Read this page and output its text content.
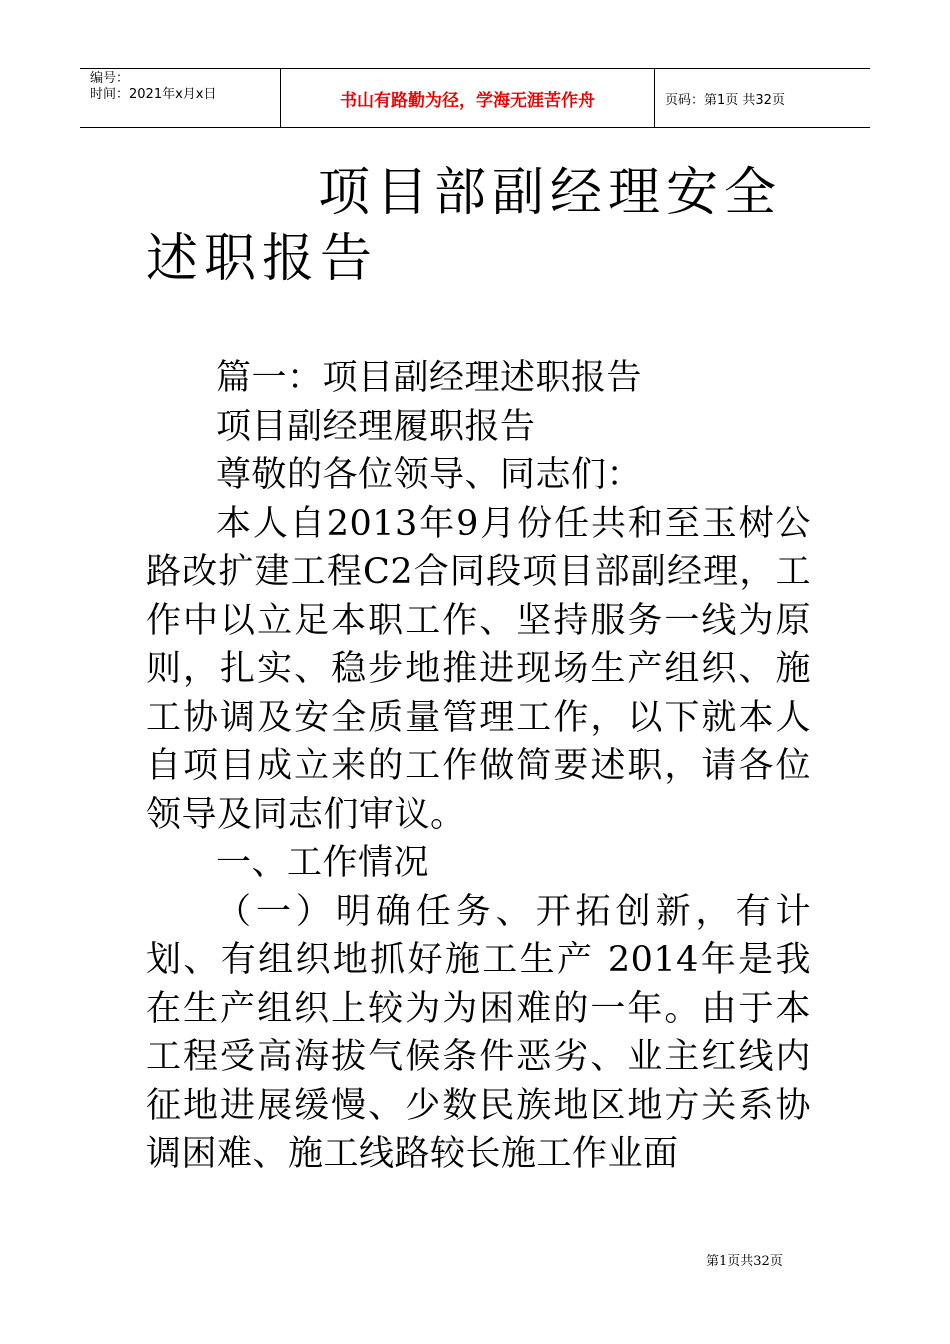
编号：
时间：2021年x月x日	书山有路勤为径，学海无涯苦作舟	页码：第1页 共32页
项目部副经理安全述职报告

篇一：项目副经理述职报告

项目副经理履职报告

尊敬的各位领导、同志们：

本人自2013年9月份任共和至玉树公路改扩建工程C2合同段项目部副经理，工作中以立足本职工作、坚持服务一线为原则，扎实、稳步地推进现场生产组织、施工协调及安全质量管理工作，以下就本人自项目成立来的工作做简要述职，请各位领导及同志们审议。

一、工作情况

（一）明确任务、开拓创新，有计划、有组织地抓好施工生产 2014年是我在生产组织上较为为困难的一年。由于本工程受高海拔气候条件恶劣、业主红线内征地进展缓慢、少数民族地区地方关系协调困难、施工线路较长施工作业面

第1页共32页
